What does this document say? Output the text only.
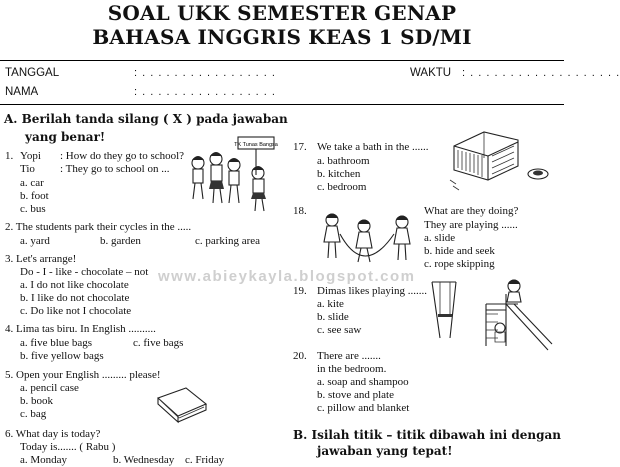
SOAL UKK SEMESTER GENAP
BAHASA INGGRIS KEAS 1 SD/MI
TANGGAL	: . . . . . . . . . . . . . . . . .	WAKTU : . . . . . . . . . . . . . . . . . . .
NAMA	: . . . . . . . . . . . . . . . . .
A. Berilah tanda silang ( X ) pada jawaban
yang benar!
1. Yopi : How do they go to school?
Tio : They go to school on ...
a. car
b. foot
c. bus
TK Tunas Bangsa
2. The students park their cycles in the .....
a. yard	b. garden	c. parking area
3. Let's arrange!
Do - I - like - chocolate – not
a. I do not like chocolate
b. I like do not chocolate
c. Do like not I chocolate
4. Lima tas biru. In English ..........
a. five blue bags	c. five bags
b. five yellow bags
5. Open your English ......... please!
a. pencil case
b. book
c. bag
6. What day is today?
Today is....... ( Rabu )
a. Monday	b. Wednesday c. Friday
17. We take a bath in the ......
a. bathroom
b. kitchen
c. bedroom
18.	What are they doing?
They are playing ......
a. slide
b. hide and seek
c. rope skipping
www.abieykayla.blogspot.com
19. Dimas likes playing .......
a. kite
b. slide
c. see saw
20. There are .......
in the bedroom.
a. soap and shampoo
b. stove and plate
c. pillow and blanket
B. Isilah titik – titik dibawah ini dengan
jawaban yang tepat!
